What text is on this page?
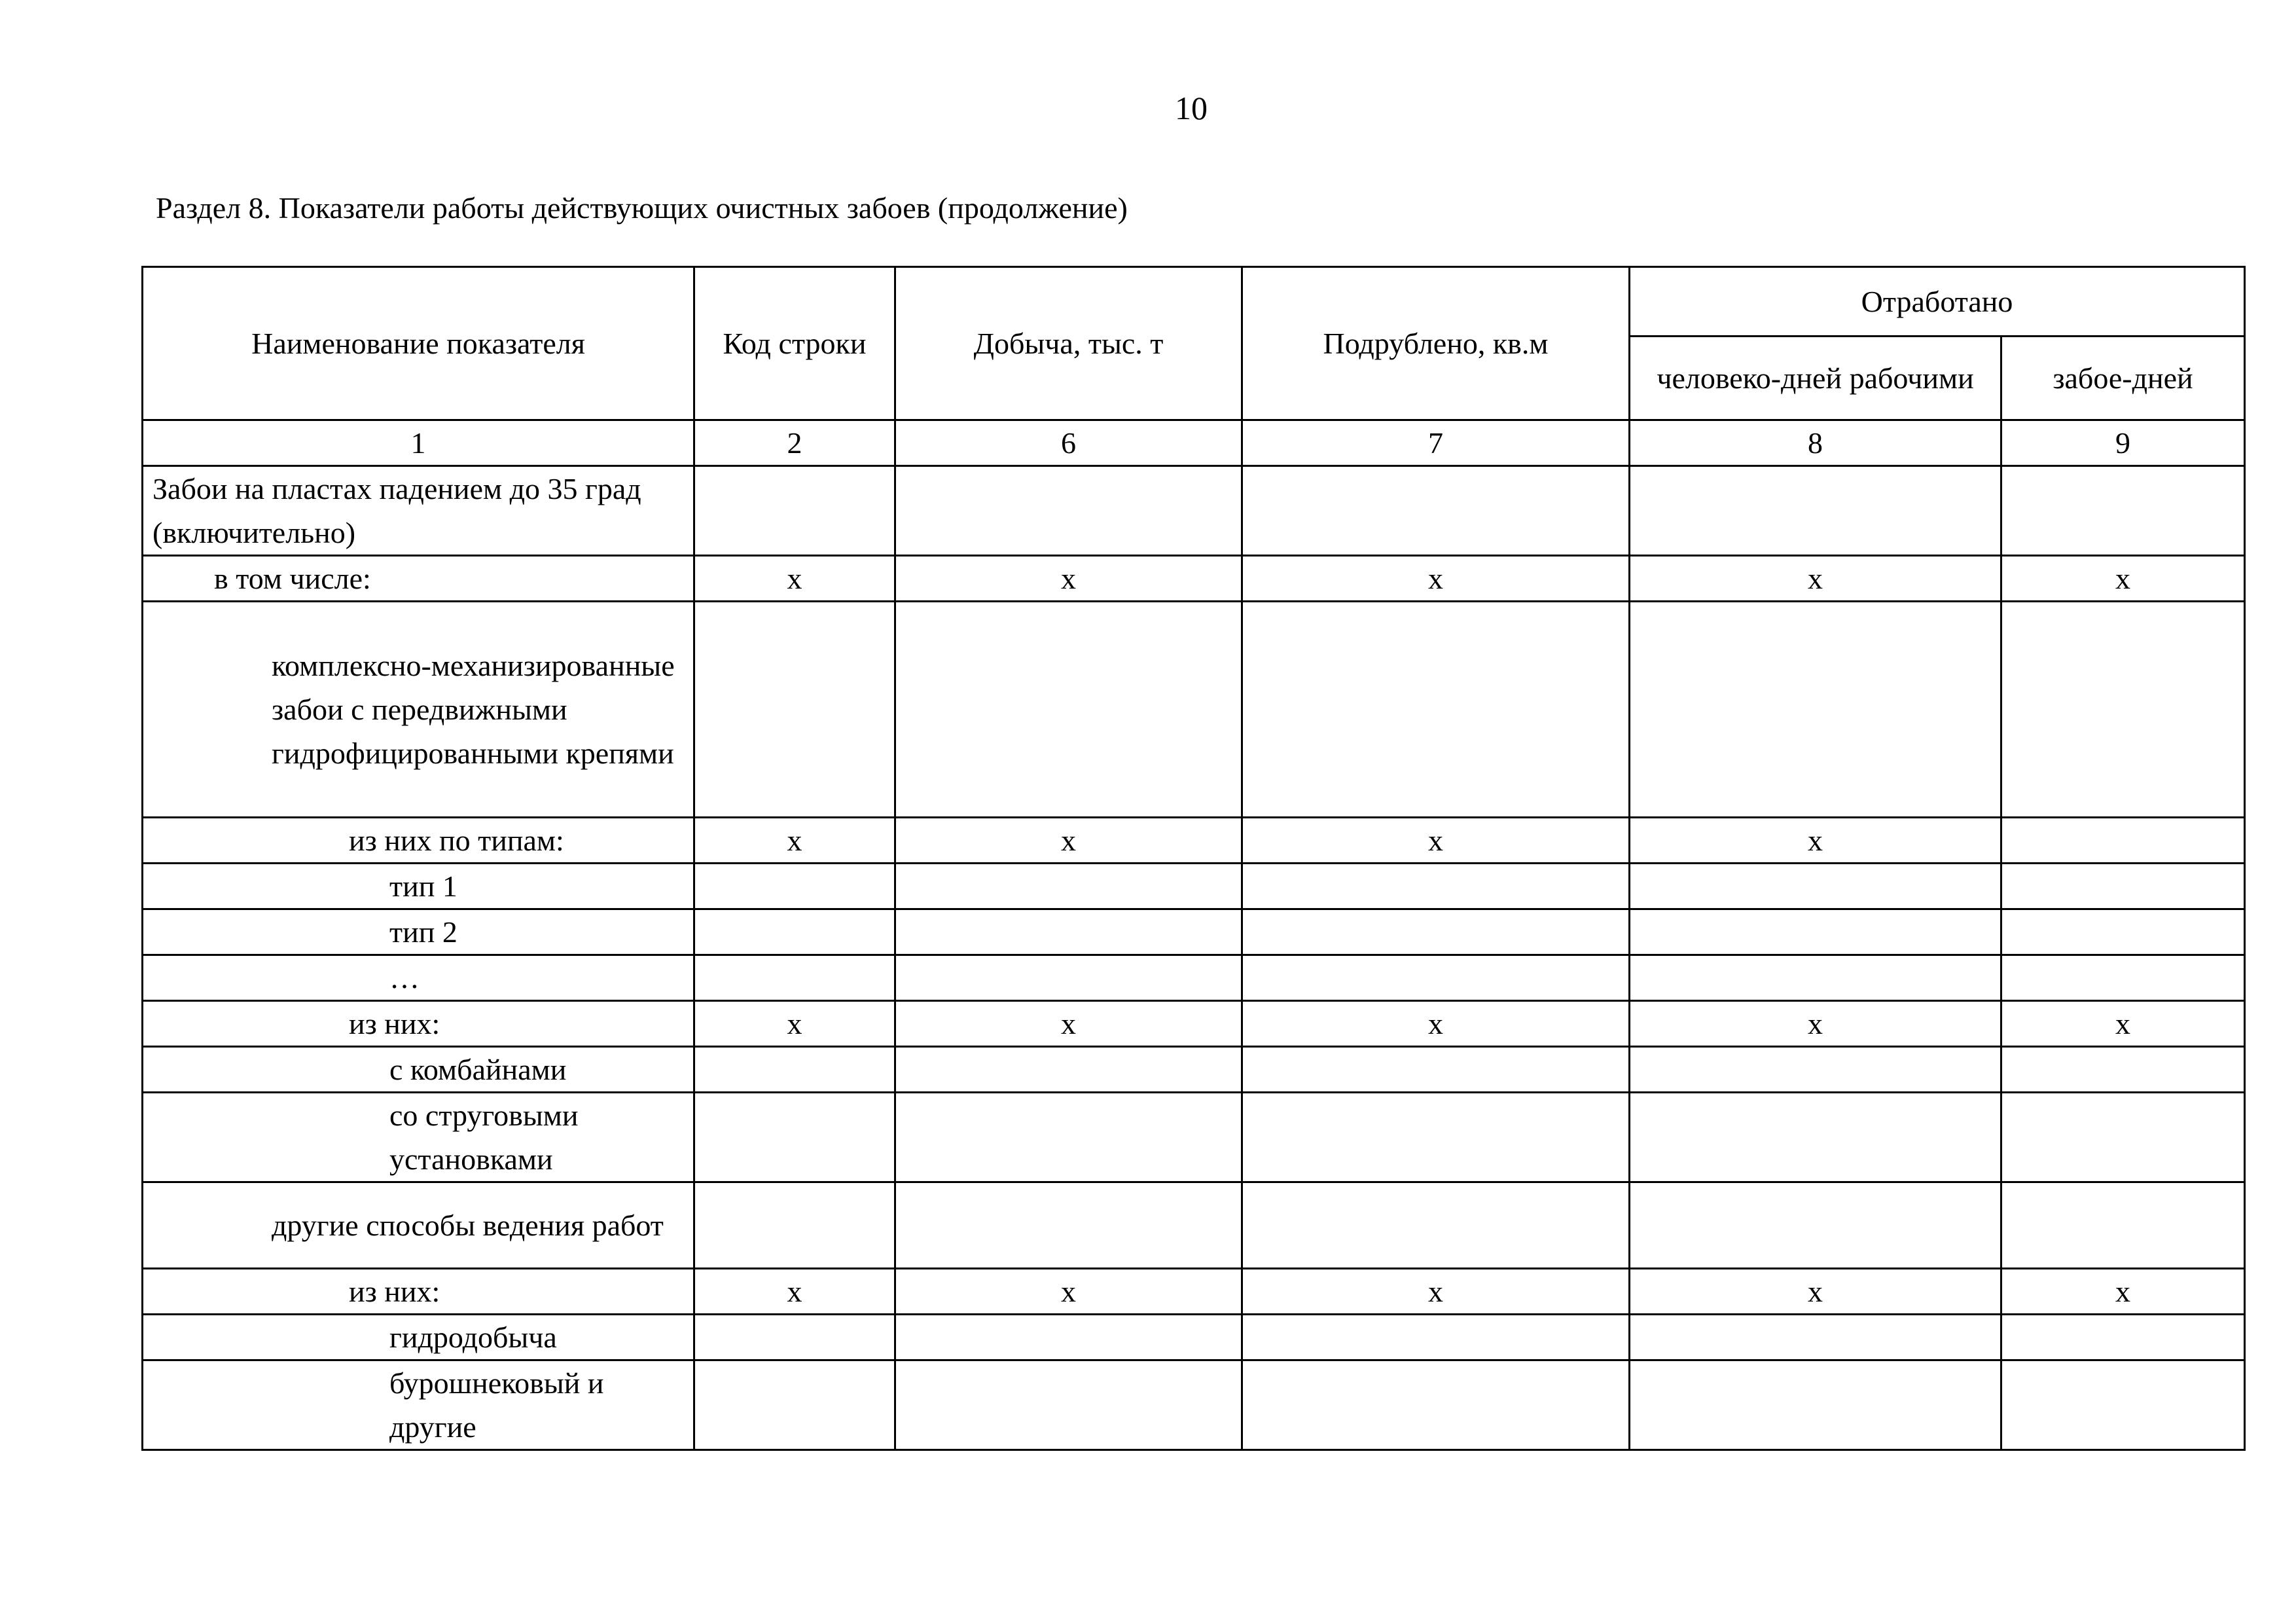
10
Раздел 8. Показатели работы действующих очистных забоев (продолжение)
Наименование показателя	Код строки	Добыча, тыс. т	Подрублено, кв.м	Отработано	
				человеко-дней рабочими	забое-дней
1	2	6	7	8	9
Забои на пластах падением до 35 град (включительно)					
в том числе:	x	x	x	x	x
комплексно-механизированные забои с передвижными гидрофицированными крепями					
из них по типам:	x	x	x	x	
тип 1					
тип 2					
…					
из них:	x	x	x	x	x
с комбайнами					
со струговыми установками					
другие способы ведения работ					
из них:	x	x	x	x	x
гидродобыча					
бурошнековый и другие					
